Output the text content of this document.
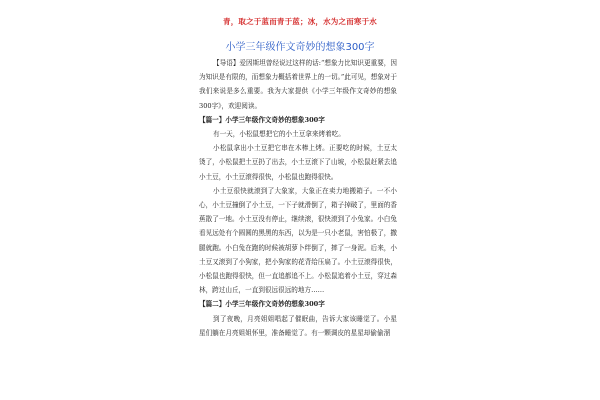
青，取之于蓝而青于蓝；冰，水为之而寒于水
小学三年级作文奇妙的想象300字

【导语】爱因斯坦曾经说过这样的话:“想象力比知识更重要，因为知识是有限的，而想象力概括着世界上的一切。”此可见，想象对于我们来说是多么重要。我为大家提供《小学三年级作文奇妙的想象300字》，欢迎阅读。

【篇一】小学三年级作文奇妙的想象300字

有一天，小松鼠想把它的小土豆拿来烤着吃。

小松鼠拿出小土豆把它串在木棒上烤。正要吃的时候，土豆太烫了，小松鼠把土豆扔了出去，小土豆滚下了山坡，小松鼠赶紧去追小土豆，小土豆滚得很快，小松鼠也跑得很快。

小土豆很快就滚到了大象家，大象正在卖力地搬箱子。一不小心，小土豆撞倒了小土豆，一下子就滑倒了，箱子掉破了，里面的香蕉散了一地。小土豆没有停止，继续滚，很快滚到了小兔家。小白兔看见远处有个圆圆的黑黑的东西，以为是一只小老鼠，害怕极了，撒腿就跑。小白兔在跑的时候被胡萝卜绊倒了，摔了一身泥。后来，小土豆又滚到了小狗家，把小狗家的花背给压扁了。小土豆滚得很快，小松鼠也跑得很快，但一直追都追不上。小松鼠追着小土豆，穿过森林，跨过山丘，一直到很远很远的地方……

【篇二】小学三年级作文奇妙的想象300字

到了夜晚，月亮姐姐唱起了催眠曲，告诉大家该睡觉了。小星星们躺在月亮姐姐怀里，准备睡觉了。有一颗调皮的星星却偷偷溜
